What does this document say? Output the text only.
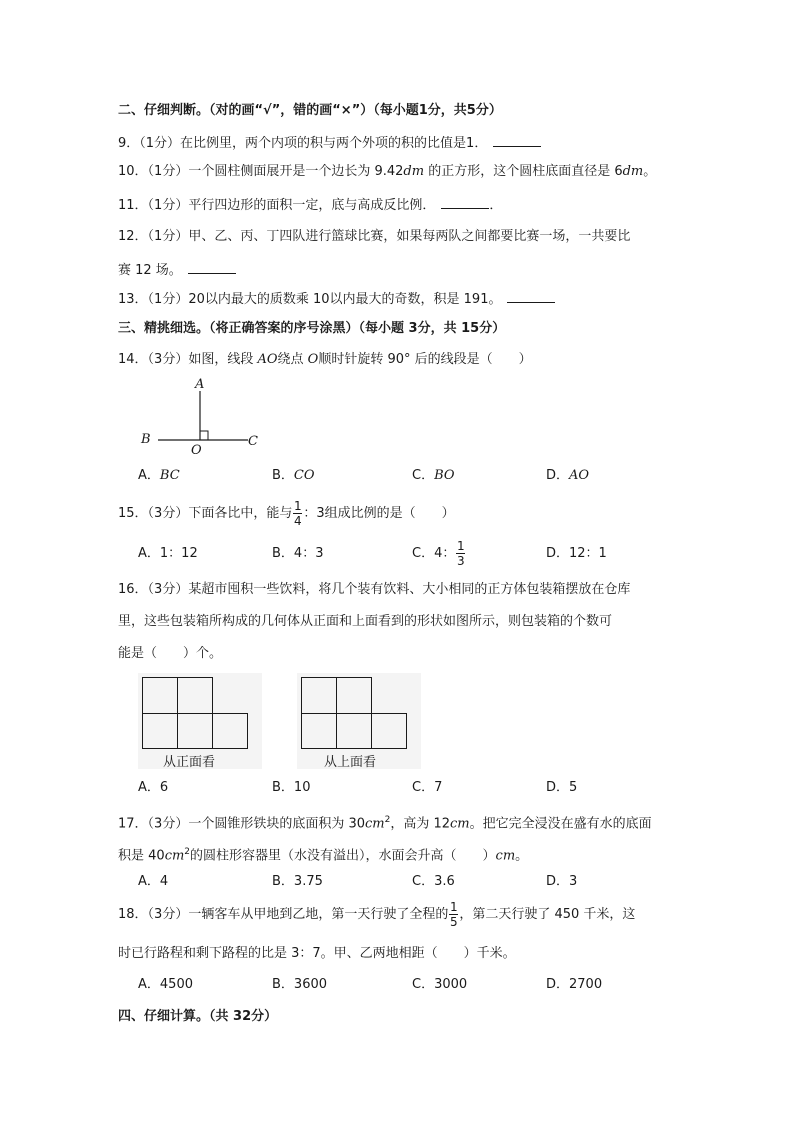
二、仔细判断。（对的画“√”，错的画“×”）（每小题1分，共5分）
9．（1分）在比例里，两个内项的积与两个外项的积的比值是1．
10．（1分）一个圆柱侧面展开是一个边长为 9.42dm 的正方形，这个圆柱底面直径是 6dm。
11．（1分）平行四边形的面积一定，底与高成反比例．	．
12．（1分）甲、乙、丙、丁四队进行篮球比赛，如果每两队之间都要比赛一场，一共要比
赛 12 场。
13．（1分）20以内最大的质数乘 10以内最大的奇数，积是 191。
三、精挑细选。（将正确答案的序号涂黑）（每小题 3分，共 15分）
14．（3分）如图，线段 AO绕点 O顺时针旋转 90° 后的线段是（　　）
A
B
O
C
A．BC	B．CO	C．BO	D．AO
15．（3分）下面各比中，能与 $\frac{1}{4}$ ：3组成比例的是（　　）
A．1：12	B．4：3	C．4： $\frac{1}{3}$	D．12：1
16．（3分）某超市囤积一些饮料，将几个装有饮料、大小相同的正方体包装箱摆放在仓库
里，这些包装箱所构成的几何体从正面和上面看到的形状如图所示，则包装箱的个数可
能是（　　）个。
从正面看	从上面看
A．6	B．10	C．7	D．5
17．（3分）一个圆锥形铁块的底面积为 $30cm^2$，高为 12cm。把它完全浸没在盛有水的底面
积是 $40cm^2$的圆柱形容器里（水没有溢出），水面会升高（　　）cm。
A．4	B．3.75	C．3.6	D．3
18．（3分）一辆客车从甲地到乙地，第一天行驶了全程的 $\frac{1}{5}$ ，第二天行驶了 450 千米，这
时已行路程和剩下路程的比是 3：7。甲、乙两地相距（　　）千米。
A．4500	B．3600	C．3000	D．2700
四、仔细计算。（共 32分）
